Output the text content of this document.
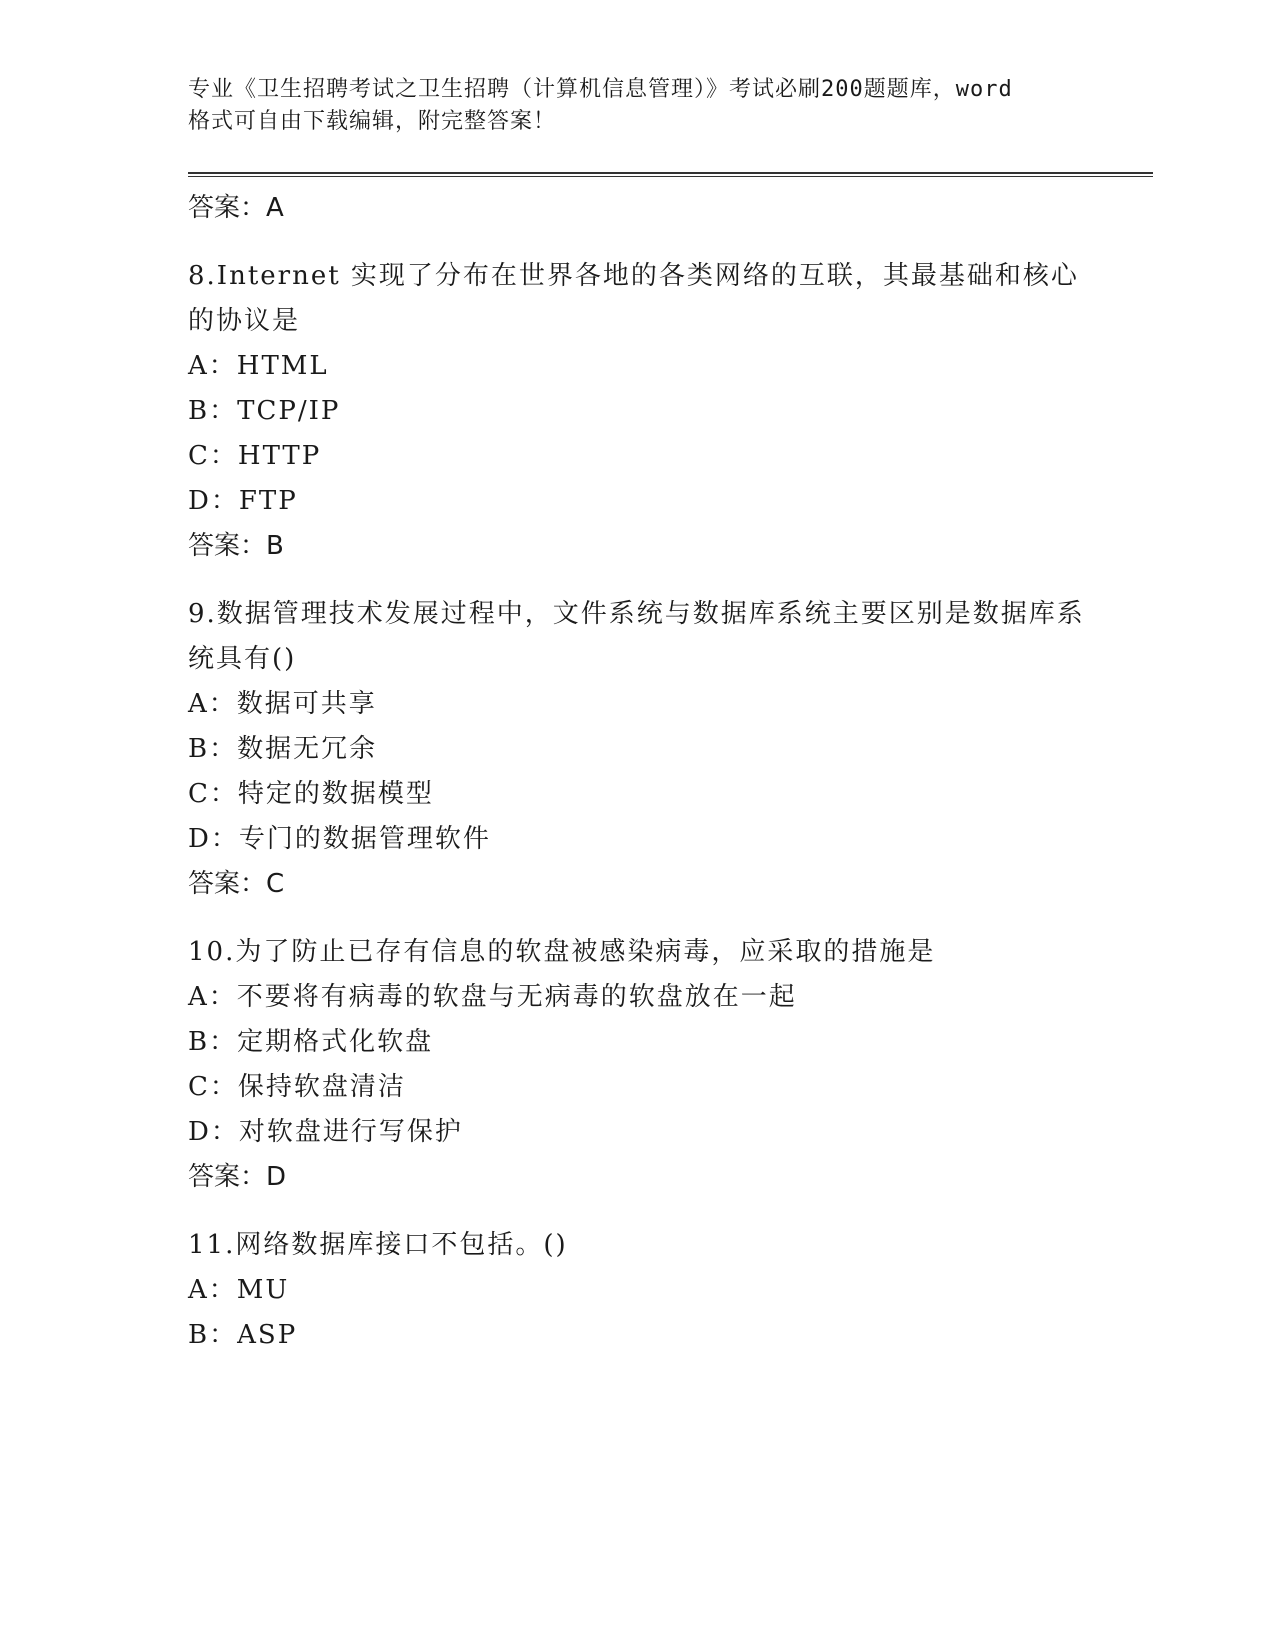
专业《卫生招聘考试之卫生招聘（计算机信息管理）》考试必刷200题题库，word
格式可自由下载编辑，附完整答案！
答案：A
8.Internet 实现了分布在世界各地的各类网络的互联，其最基础和核心的协议是
A：HTML
B：TCP/IP
C：HTTP
D：FTP
答案：B
9.数据管理技术发展过程中，文件系统与数据库系统主要区别是数据库系统具有()
A：数据可共享
B：数据无冗余
C：特定的数据模型
D：专门的数据管理软件
答案：C
10.为了防止已存有信息的软盘被感染病毒，应采取的措施是
A：不要将有病毒的软盘与无病毒的软盘放在一起
B：定期格式化软盘
C：保持软盘清洁
D：对软盘进行写保护
答案：D
11.网络数据库接口不包括。()
A：MU
B：ASP
